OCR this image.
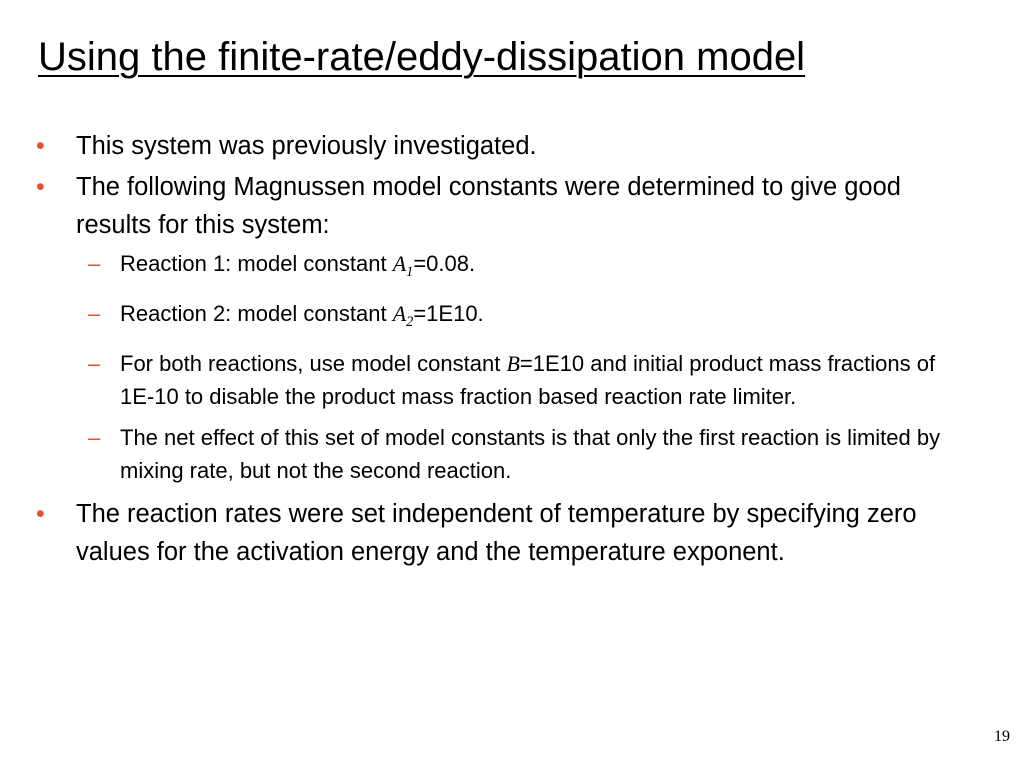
Using the finite-rate/eddy-dissipation model

• This system was previously investigated.

• The following Magnussen model constants were determined to give good results for this system:

– Reaction 1: model constant $A_1=0.08$.

– Reaction 2: model constant $A_2=1E10$.

– For both reactions, use model constant B=1E10 and initial product mass fractions of 1E-10 to disable the product mass fraction based reaction rate limiter.

– The net effect of this set of model constants is that only the first reaction is limited by mixing rate, but not the second reaction.

• The reaction rates were set independent of temperature by specifying zero values for the activation energy and the temperature exponent.

19
